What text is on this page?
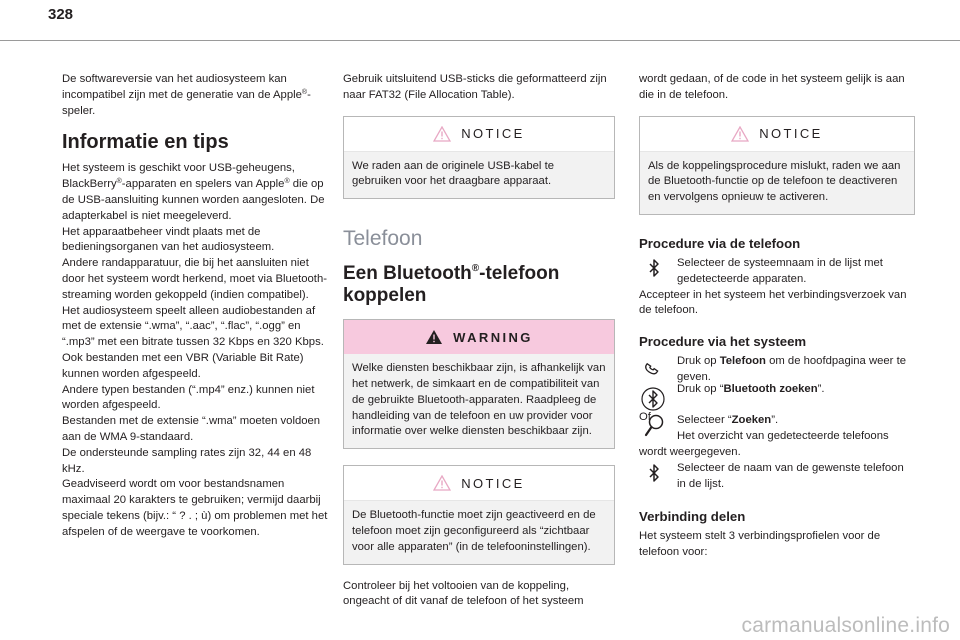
328

De softwareversie van het audiosysteem kan incompatibel zijn met de generatie van de Apple®-speler.

Informatie en tips

Het systeem is geschikt voor USB-geheugens, BlackBerry®-apparaten en spelers van Apple® die op de USB-aansluiting kunnen worden aangesloten. De adapterkabel is niet meegeleverd.

Het apparaatbeheer vindt plaats met de bedieningsorganen van het audiosysteem.

Andere randapparatuur, die bij het aansluiten niet door het systeem wordt herkend, moet via Bluetooth-streaming worden gekoppeld (indien compatibel).

Het audiosysteem speelt alleen audiobestanden af met de extensie “.wma”, “.aac”, “.flac”, “.ogg” en “.mp3” met een bitrate tussen 32 Kbps en 320 Kbps.

Ook bestanden met een VBR (Variable Bit Rate) kunnen worden afgespeeld.

Andere typen bestanden (“.mp4” enz.) kunnen niet worden afgespeeld.

Bestanden met de extensie “.wma” moeten voldoen aan de WMA 9-standaard.

De ondersteunde sampling rates zijn 32, 44 en 48 kHz.

Geadviseerd wordt om voor bestandsnamen maximaal 20 karakters te gebruiken; vermijd daarbij speciale tekens (bijv.: “ ? . ; ù) om problemen met het afspelen of de weergave te voorkomen.

Gebruik uitsluitend USB-sticks die geformatteerd zijn naar FAT32 (File Allocation Table).

NOTICE

We raden aan de originele USB-kabel te gebruiken voor het draagbare apparaat.

Telefoon
Een Bluetooth®-telefoon koppelen
WARNING

Welke diensten beschikbaar zijn, is afhankelijk van het netwerk, de simkaart en de compatibiliteit van de gebruikte Bluetooth-apparaten. Raadpleeg de handleiding van de telefoon en uw provider voor informatie over welke diensten beschikbaar zijn.

NOTICE

De Bluetooth-functie moet zijn geactiveerd en de telefoon moet zijn geconfigureerd als “zichtbaar voor alle apparaten” (in de telefooninstellingen).

Controleer bij het voltooien van de koppeling, ongeacht of dit vanaf de telefoon of het systeem

wordt gedaan, of de code in het systeem gelijk is aan die in de telefoon.

NOTICE

Als de koppelingsprocedure mislukt, raden we aan de Bluetooth-functie op de telefoon te deactiveren en vervolgens opnieuw te activeren.

Procedure via de telefoon

Selecteer de systeemnaam in de lijst met gedetecteerde apparaten.

Accepteer in het systeem het verbindingsverzoek van de telefoon.

Procedure via het systeem

Druk op Telefoon om de hoofdpagina weer te geven.

Druk op “Bluetooth zoeken”.

Of	Selecteer “Zoeken”.

Het overzicht van gedetecteerde telefoons wordt weergegeven.

Selecteer de naam van de gewenste telefoon in de lijst.

Verbinding delen

Het systeem stelt 3 verbindingsprofielen voor de telefoon voor:

carmanualsonline.info
